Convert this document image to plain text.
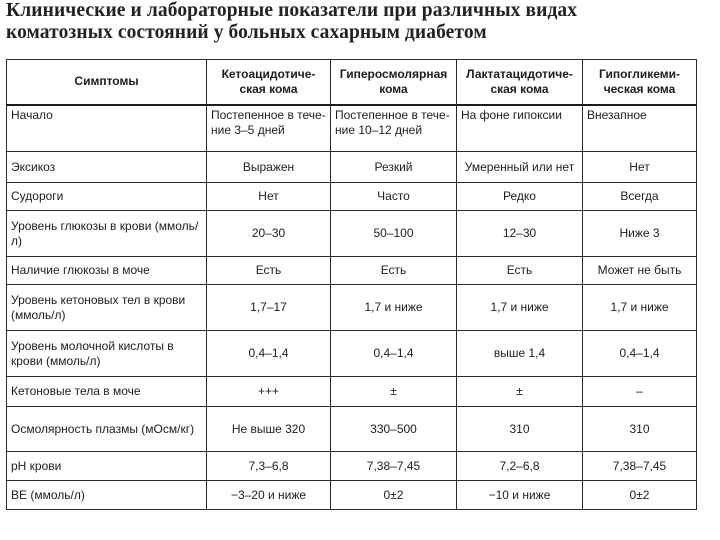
Клинические и лабораторные показатели при различных видах
коматозных состояний у больных сахарным диабетом
Симптомы	Кетоацидотиче-ская кома	Гиперосмолярная кома	Лактатацидотиче-ская кома	Гипогликеми-ческая кома
Начало	Постепенное в тече-ние 3–5 дней	Постепенное в тече-ние 10–12 дней	На фоне гипоксии	Внезапное
Эксикоз	Выражен	Резкий	Умеренный или нет	Нет
Судороги	Нет	Часто	Редко	Всегда
Уровень глюкозы в крови (ммоль/л)	20–30	50–100	12–30	Ниже 3
Наличие глюкозы в моче	Есть	Есть	Есть	Может не быть
Уровень кетоновых тел в крови (ммоль/л)	1,7–17	1,7 и ниже	1,7 и ниже	1,7 и ниже
Уровень молочной кислоты в крови (ммоль/л)	0,4–1,4	0,4–1,4	выше 1,4	0,4–1,4
Кетоновые тела в моче	+++	±	±	–
Осмолярность плазмы (мОсм/кг)	Не выше 320	330–500	310	310
pH крови	7,3–6,8	7,38–7,45	7,2–6,8	7,38–7,45
BE (ммоль/л)	−3–20 и ниже	0±2	−10 и ниже	0±2
